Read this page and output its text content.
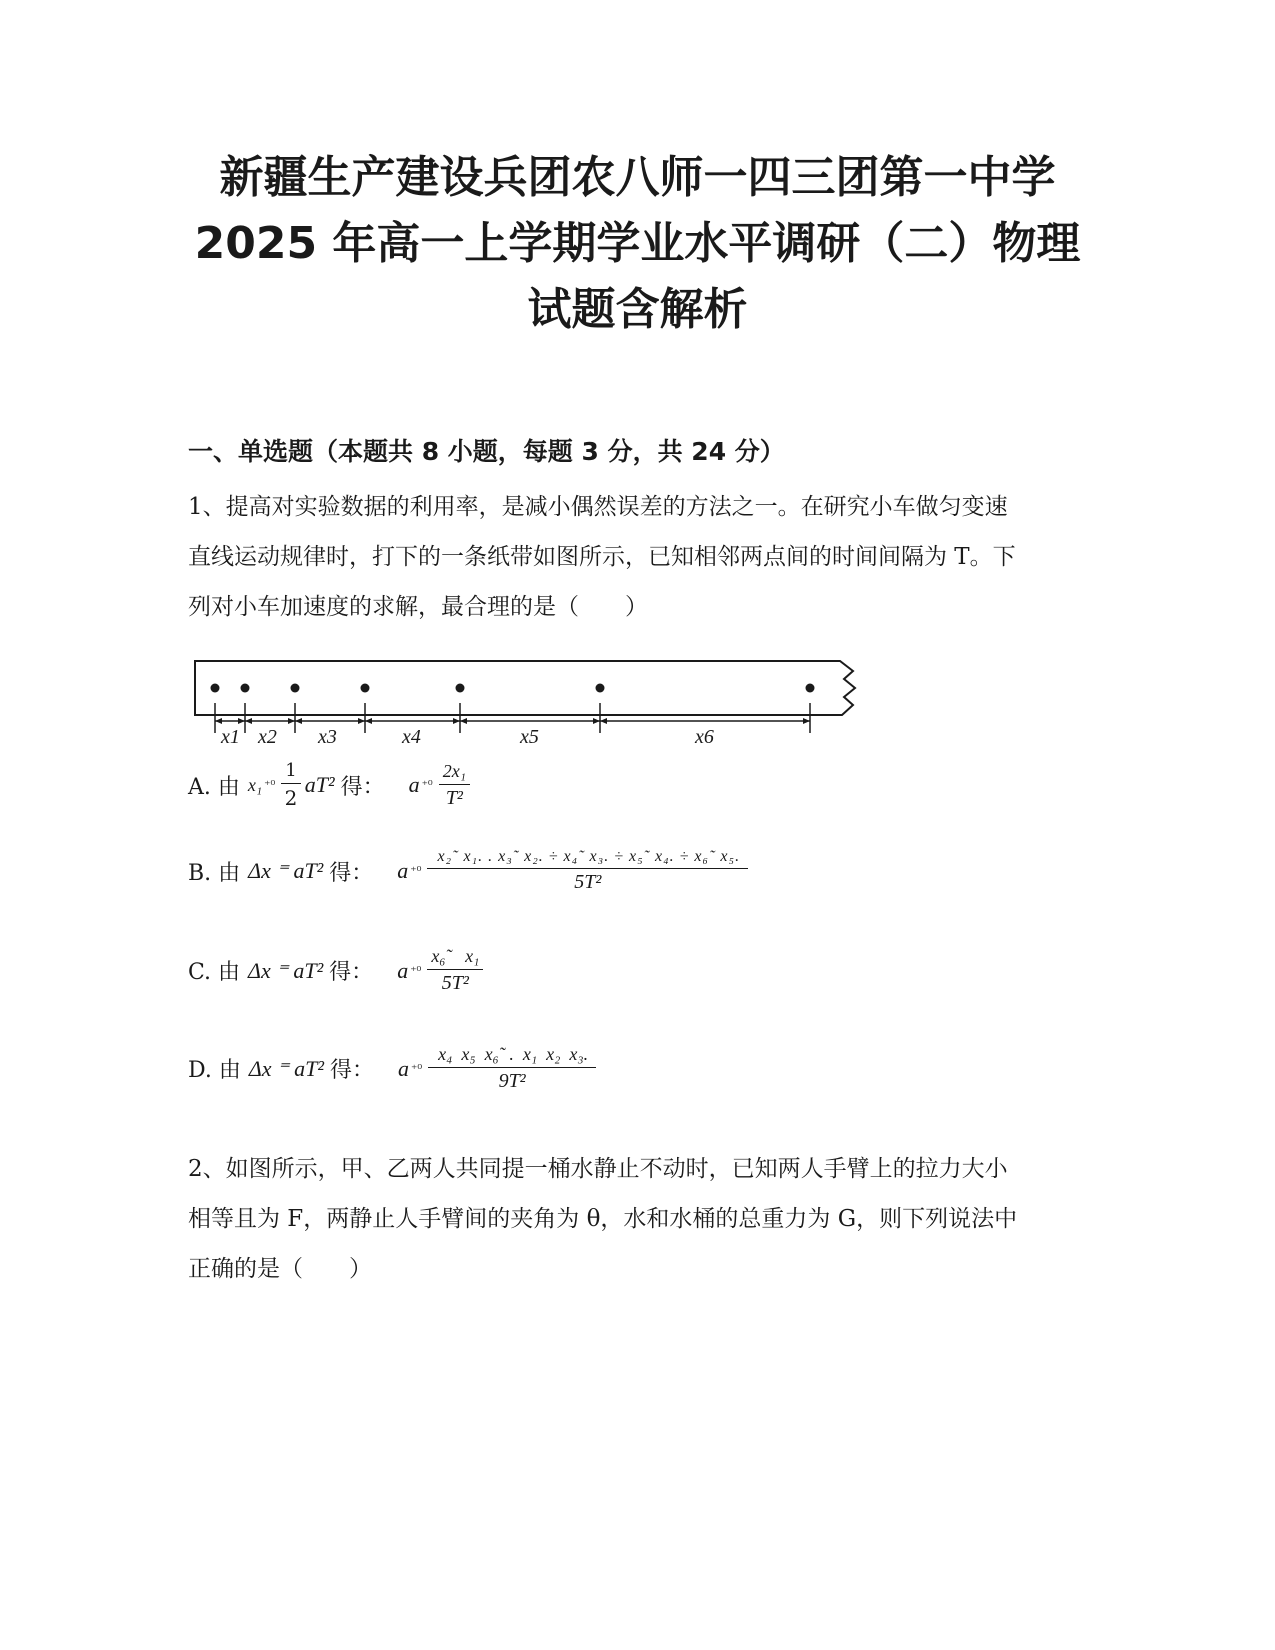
新疆生产建设兵团农八师一四三团第一中学
2025 年高一上学期学业水平调研（二）物理
试题含解析
一、单选题（本题共 8 小题，每题 3 分，共 24 分）
1、提高对实验数据的利用率，是减小偶然误差的方法之一。在研究小车做匀变速
直线运动规律时，打下的一条纸带如图所示，已知相邻两点间的时间间隔为 T。下
列对小车加速度的求解，最合理的是（　　）
x1 x2 x3	x4	x5	x6
A. 由 x₁ $^{+0} \frac{1}{2} aT^2$ 得： a $^{+0} \frac{\text{2x₁}}{\text{T²}}$
B. 由 Δx ⁼ aT² 得： a $^{+0} \frac{\text{x₂˜ x₁. . x₃˜ x₂. ÷ x₄˜ x₃. ÷ x₅˜ x₄. ÷ x₆˜ x₅.}}{\text{5T²}}$
C. 由 Δx ⁼ aT² 得： a $^{+0} \frac{\text{x₆˜   x₁}}{\text{5T²}}$
D. 由 Δx ⁼ aT² 得： a $^{+0} \frac{\text{x₄  x₅  x₆˜ .  x₁  x₂  x₃.}}{\text{9T²}}$
2、如图所示，甲、乙两人共同提一桶水静止不动时，已知两人手臂上的拉力大小
相等且为 F，两静止人手臂间的夹角为 θ，水和水桶的总重力为 G，则下列说法中
正确的是（　　）
